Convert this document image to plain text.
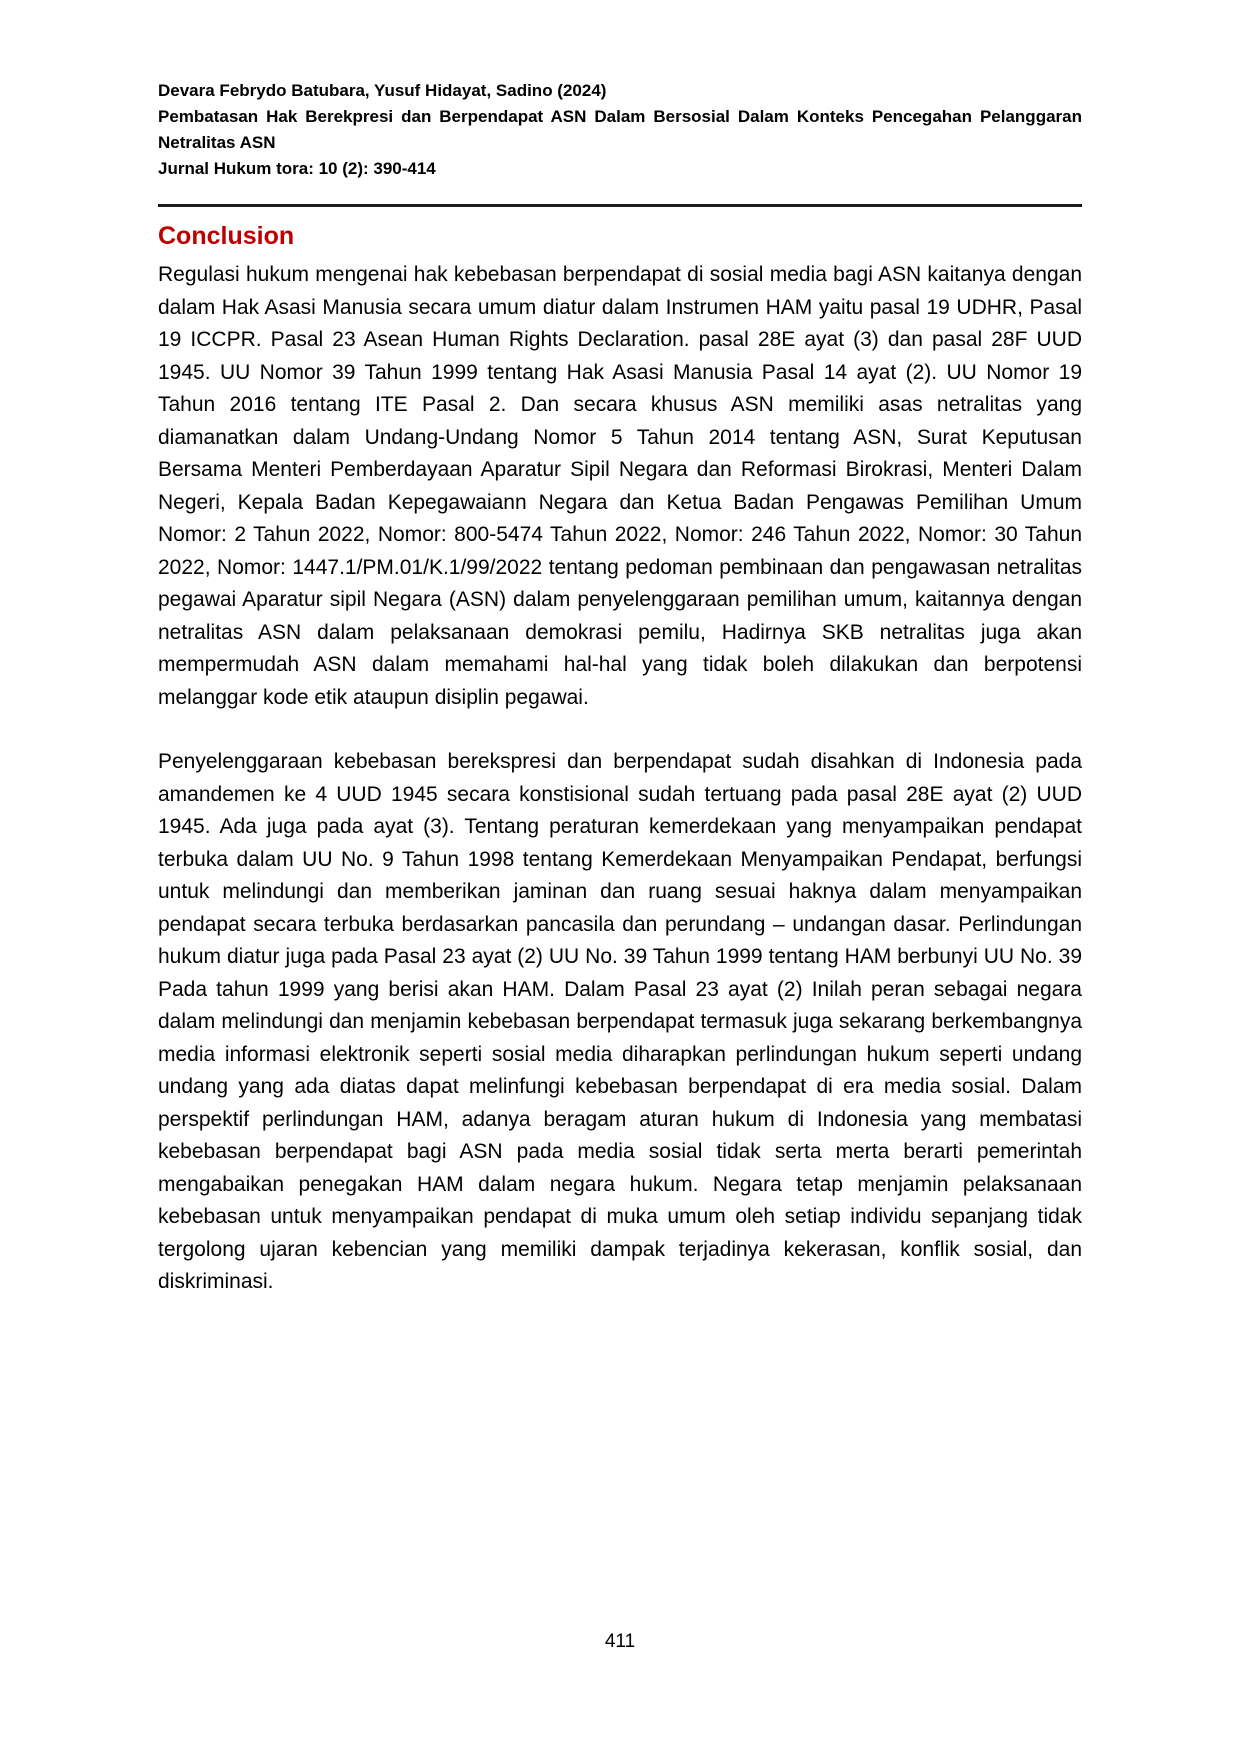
Devara Febrydo Batubara, Yusuf Hidayat, Sadino (2024)

Pembatasan Hak Berekpresi dan Berpendapat ASN Dalam Bersosial Dalam Konteks Pencegahan Pelanggaran Netralitas ASN

Jurnal Hukum tora: 10 (2): 390-414

Conclusion

Regulasi hukum mengenai hak kebebasan berpendapat di sosial media bagi ASN kaitanya dengan dalam Hak Asasi Manusia secara umum diatur dalam Instrumen HAM yaitu pasal 19 UDHR, Pasal 19 ICCPR. Pasal 23 Asean Human Rights Declaration. pasal 28E ayat (3) dan pasal 28F UUD 1945. UU Nomor 39 Tahun 1999 tentang Hak Asasi Manusia Pasal 14 ayat (2). UU Nomor 19 Tahun 2016 tentang ITE Pasal 2. Dan secara khusus ASN memiliki asas netralitas yang diamanatkan dalam Undang-Undang Nomor 5 Tahun 2014 tentang ASN, Surat Keputusan Bersama Menteri Pemberdayaan Aparatur Sipil Negara dan Reformasi Birokrasi, Menteri Dalam Negeri, Kepala Badan Kepegawaiann Negara dan Ketua Badan Pengawas Pemilihan Umum Nomor: 2 Tahun 2022, Nomor: 800-5474 Tahun 2022, Nomor: 246 Tahun 2022, Nomor: 30 Tahun 2022, Nomor: 1447.1/PM.01/K.1/99/2022 tentang pedoman pembinaan dan pengawasan netralitas pegawai Aparatur sipil Negara (ASN) dalam penyelenggaraan pemilihan umum, kaitannya dengan netralitas ASN dalam pelaksanaan demokrasi pemilu, Hadirnya SKB netralitas juga akan mempermudah ASN dalam memahami hal-hal yang tidak boleh dilakukan dan berpotensi melanggar kode etik ataupun disiplin pegawai.

Penyelenggaraan kebebasan berekspresi dan berpendapat sudah disahkan di Indonesia pada amandemen ke 4 UUD 1945 secara konstisional sudah tertuang pada pasal 28E ayat (2) UUD 1945. Ada juga pada ayat (3). Tentang peraturan kemerdekaan yang menyampaikan pendapat terbuka dalam UU No. 9 Tahun 1998 tentang Kemerdekaan Menyampaikan Pendapat, berfungsi untuk melindungi dan memberikan jaminan dan ruang sesuai haknya dalam menyampaikan pendapat secara terbuka berdasarkan pancasila dan perundang – undangan dasar. Perlindungan hukum diatur juga pada Pasal 23 ayat (2) UU No. 39 Tahun 1999 tentang HAM berbunyi UU No. 39 Pada tahun 1999 yang berisi akan HAM. Dalam Pasal 23 ayat (2) Inilah peran sebagai negara dalam melindungi dan menjamin kebebasan berpendapat termasuk juga sekarang berkembangnya media informasi elektronik seperti sosial media diharapkan perlindungan hukum seperti undang undang yang ada diatas dapat melinfungi kebebasan berpendapat di era media sosial. Dalam perspektif perlindungan HAM, adanya beragam aturan hukum di Indonesia yang membatasi kebebasan berpendapat bagi ASN pada media sosial tidak serta merta berarti pemerintah mengabaikan penegakan HAM dalam negara hukum. Negara tetap menjamin pelaksanaan kebebasan untuk menyampaikan pendapat di muka umum oleh setiap individu sepanjang tidak tergolong ujaran kebencian yang memiliki dampak terjadinya kekerasan, konflik sosial, dan diskriminasi.

411
